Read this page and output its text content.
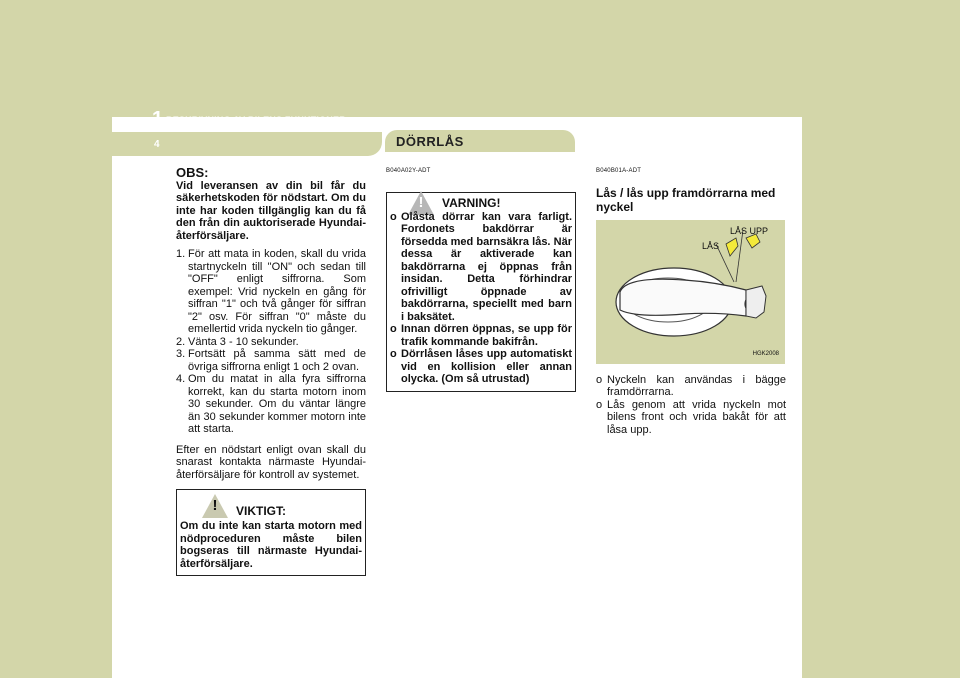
1 BESKRIVNING AV BILENS FUNKTIONER
4	DÖRRLÅS
OBS:
Vid leveransen av din bil får du säkerhetskoden för nödstart. Om du inte har koden tillgänglig kan du få den från din auktoriserade Hyundai-återförsäljare.
1. För att mata in koden, skall du vrida startnyckeln till "ON" och sedan till "OFF" enligt siffrorna. Som exempel: Vrid nyckeln en gång för siffran "1" och två gånger för siffran "2" osv. För siffran "0" måste du emellertid vrida nyckeln tio gånger.
2. Vänta 3 - 10 sekunder.
3. Fortsätt på samma sätt med de övriga siffrorna enligt 1 och 2 ovan.
4. Om du matat in alla fyra siffrorna korrekt, kan du starta motorn inom 30 sekunder. Om du väntar längre än 30 sekunder kommer motorn inte att starta.
Efter en nödstart enligt ovan skall du snarast kontakta närmaste Hyundai-återförsäljare för kontroll av systemet.
!	VIKTIGT:
Om du inte kan starta motorn med nödproceduren måste bilen bogseras till närmaste Hyundai-återförsäljare.
B040A02Y-ADT
!	VARNING!
o Olåsta dörrar kan vara farligt. Fordonets bakdörrar är försedda med barnsäkra lås. När dessa är aktiverade kan bakdörrarna ej öppnas från insidan. Detta förhindrar ofrivilligt öppnade av bakdörrarna, speciellt med barn i baksätet.
o Innan dörren öppnas, se upp för trafik kommande bakifrån.
o Dörrlåsen låses upp automatiskt vid en kollision eller annan olycka. (Om så utrustad)
B040B01A-ADT
Lås / lås upp framdörrarna med nyckel
LÅS
LÅS UPP
HGK2008
o Nyckeln kan användas i bägge framdörrarna.
o Lås genom att vrida nyckeln mot bilens front och vrida bakåt för att låsa upp.
